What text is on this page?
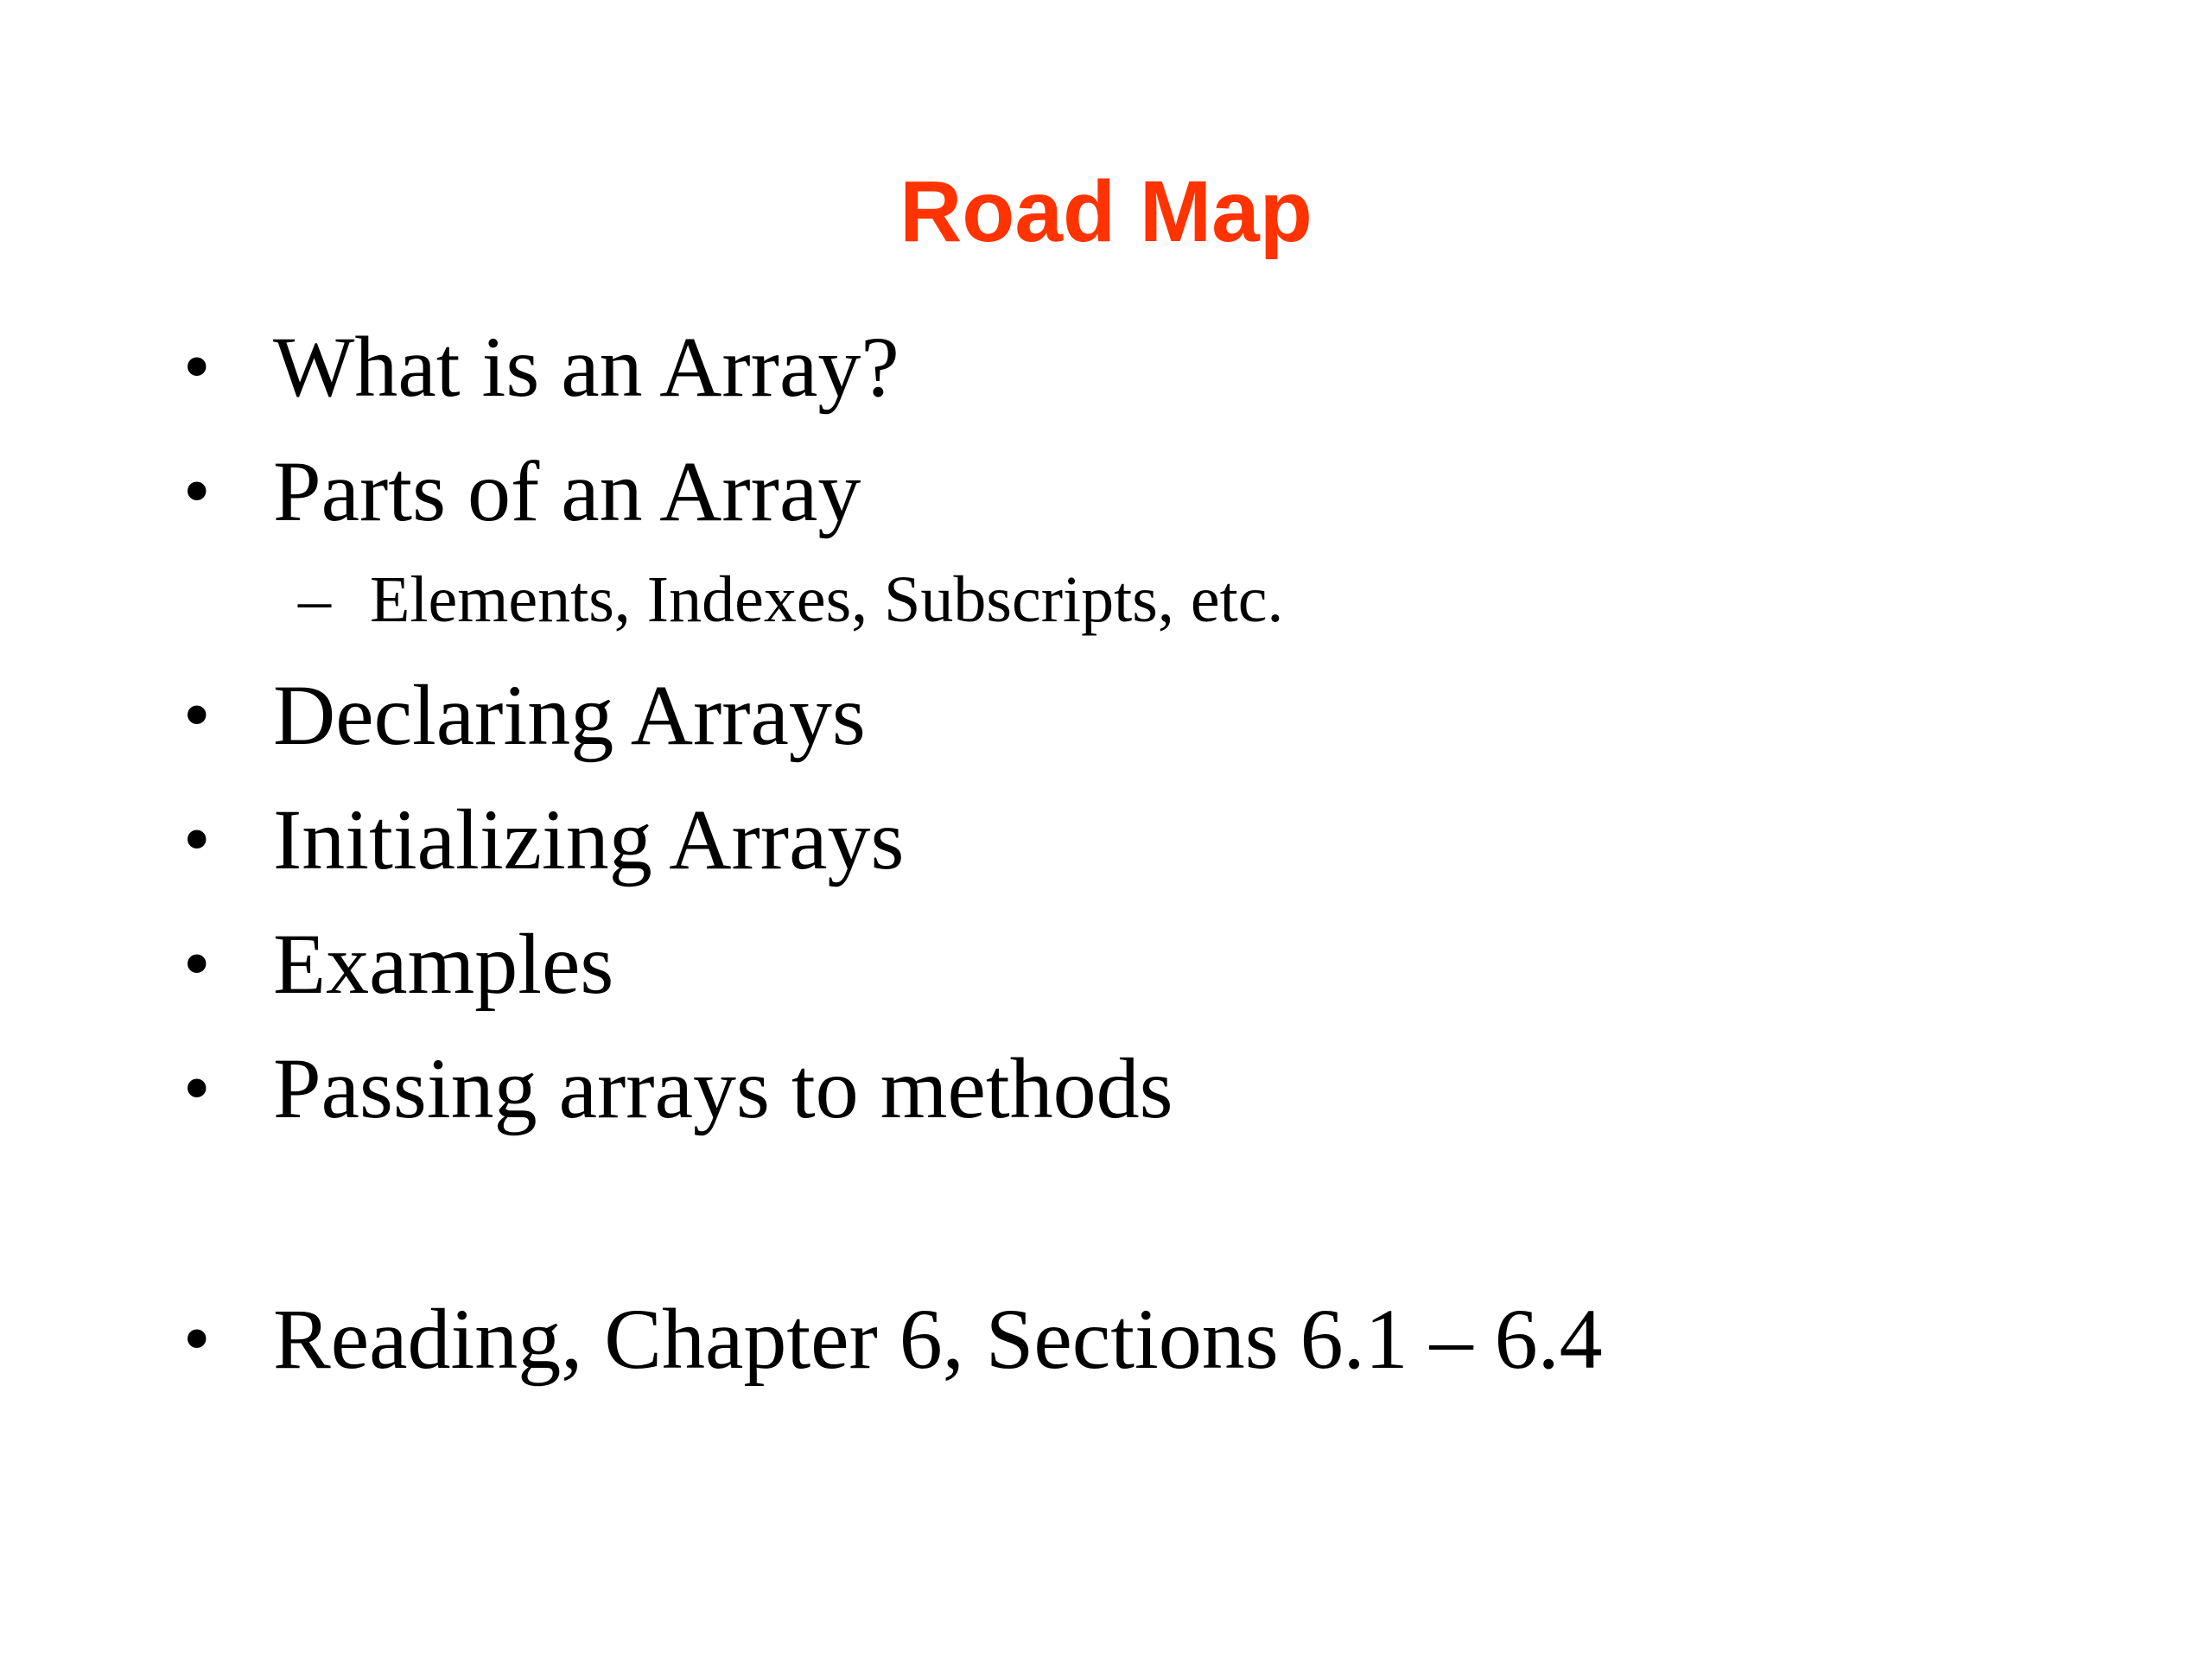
Road Map
• What is an Array?
• Parts of an Array
– Elements, Indexes, Subscripts, etc.
• Declaring Arrays
• Initializing Arrays
• Examples
• Passing arrays to methods
• Reading, Chapter 6, Sections 6.1 – 6.4
